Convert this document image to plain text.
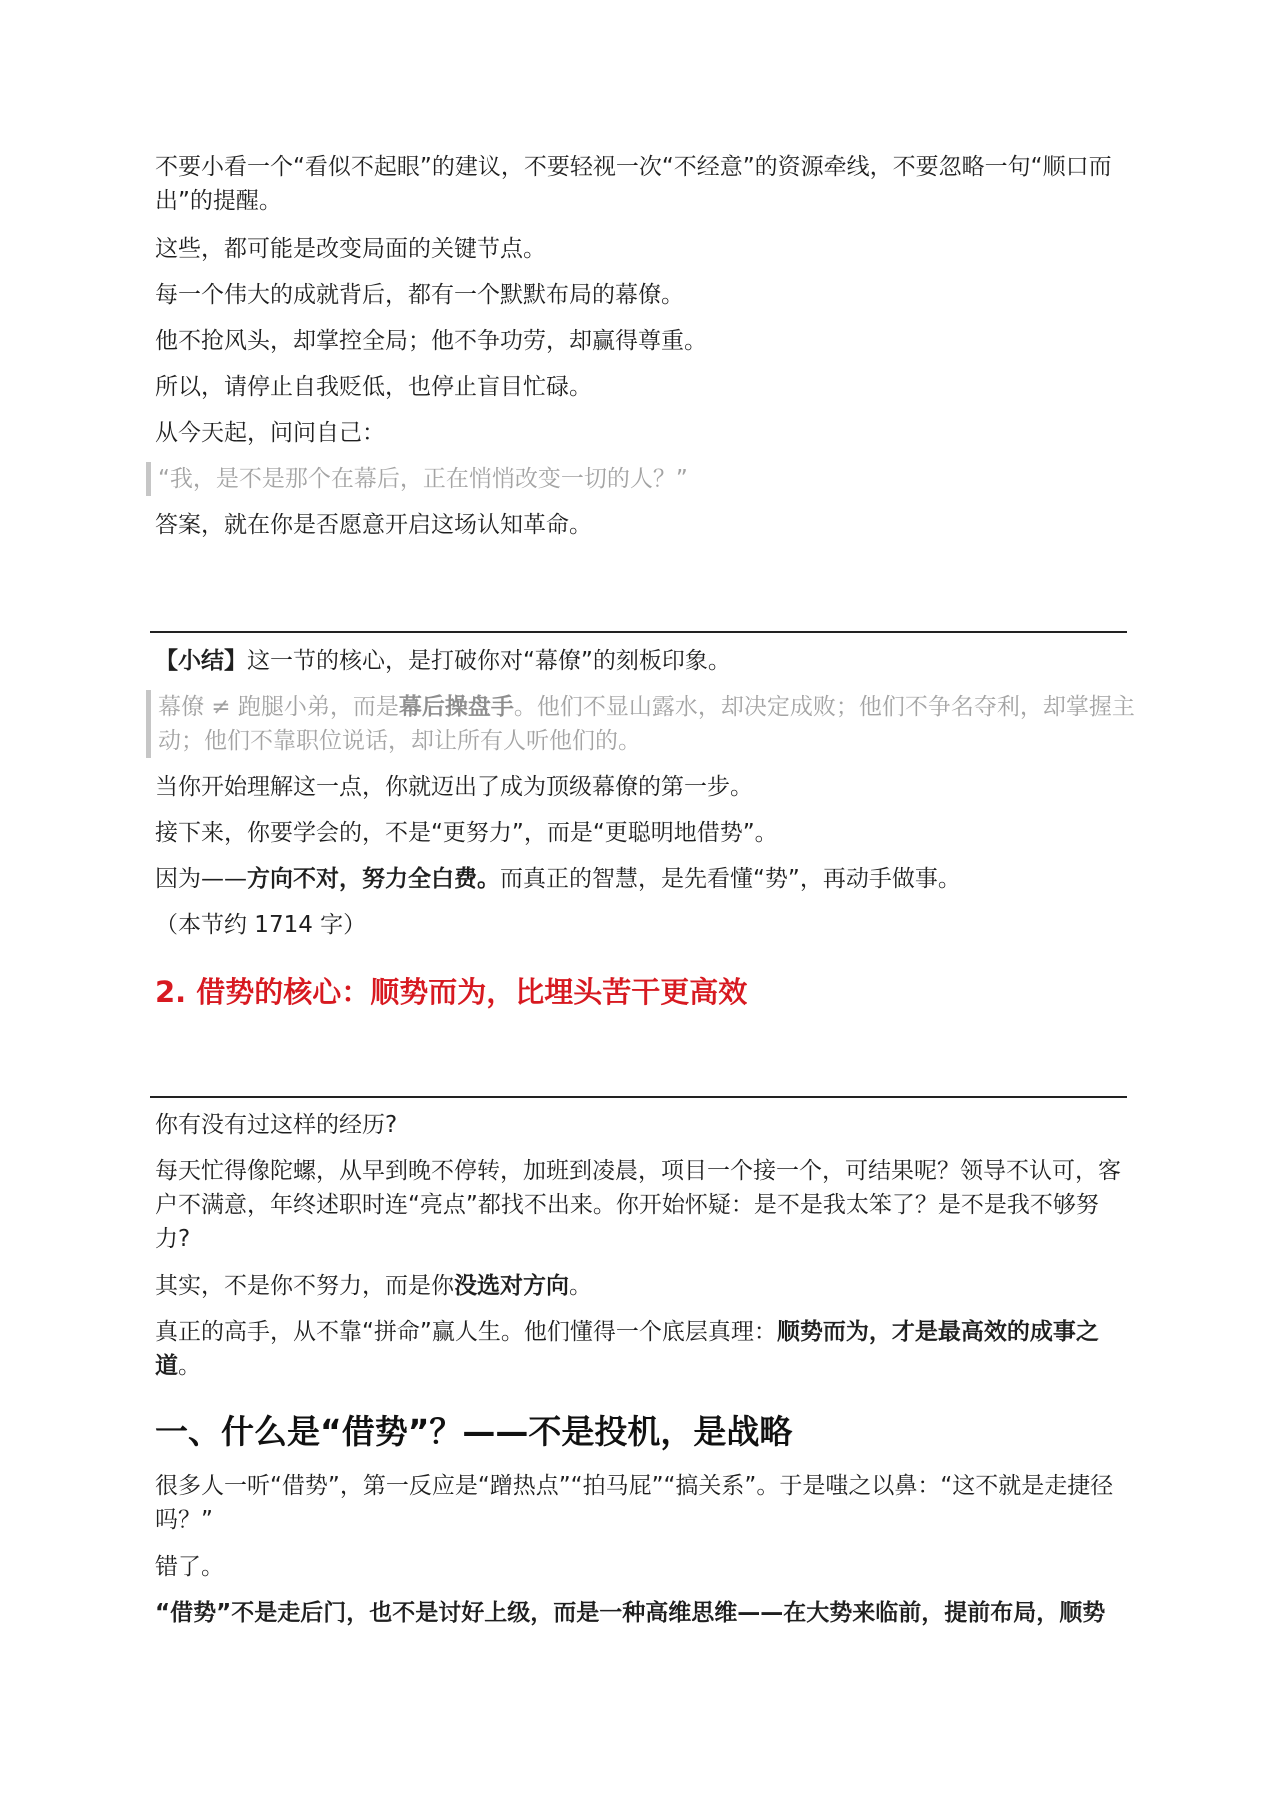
不要小看一个“看似不起眼”的建议，不要轻视一次“不经意”的资源牵线，不要忽略一句“顺口而出”的提醒。

这些，都可能是改变局面的关键节点。

每一个伟大的成就背后，都有一个默默布局的幕僚。

他不抢风头，却掌控全局；他不争功劳，却赢得尊重。

所以，请停止自我贬低，也停止盲目忙碌。

从今天起，问问自己：

“我，是不是那个在幕后，正在悄悄改变一切的人？”

答案，就在你是否愿意开启这场认知革命。

【小结】这一节的核心，是打破你对“幕僚”的刻板印象。

幕僚 ≠ 跑腿小弟，而是幕后操盘手。他们不显山露水，却决定成败；他们不争名夺利，却掌握主动；他们不靠职位说话，却让所有人听他们的。

当你开始理解这一点，你就迈出了成为顶级幕僚的第一步。

接下来，你要学会的，不是“更努力”，而是“更聪明地借势”。

因为——方向不对，努力全白费。而真正的智慧，是先看懂“势”，再动手做事。

（本节约 1714 字）

2. 借势的核心：顺势而为，比埋头苦干更高效

你有没有过这样的经历?

每天忙得像陀螺，从早到晚不停转，加班到凌晨，项目一个接一个，可结果呢？领导不认可，客户不满意，年终述职时连“亮点”都找不出来。你开始怀疑：是不是我太笨了？是不是我不够努力?

其实，不是你不努力，而是你没选对方向。

真正的高手，从不靠“拼命”赢人生。他们懂得一个底层真理：顺势而为，才是最高效的成事之道。

一、什么是“借势”？——不是投机，是战略

很多人一听“借势”，第一反应是“蹭热点”“拍马屁”“搞关系”。于是嗤之以鼻：“这不就是走捷径吗？”

错了。

“借势”不是走后门，也不是讨好上级，而是一种高维思维——在大势来临前，提前布局，顺势
